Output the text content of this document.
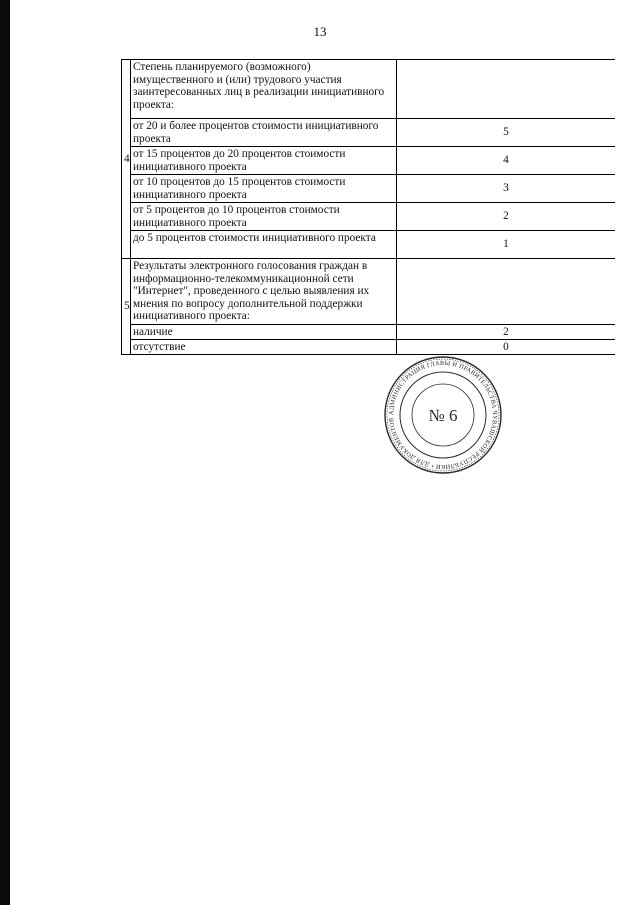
13
4	Степень планируемого (возможного) имущественного и (или) трудового участия заинтересованных лиц в реализации инициативного проекта:	
	от 20 и более процентов стоимости инициативного проекта	5
	от 15 процентов до 20 процентов стоимости инициативного проекта	4
	от 10 процентов до 15 процентов стоимости инициативного проекта	3
	от 5 процентов до 10 процентов стоимости инициативного проекта	2
	до 5 процентов стоимости инициативного проекта	1
5	Результаты электронного голосования граждан в информационно-телекоммуникационной сети "Интернет", проведенного с целью выявления их мнения по вопросу дополнительной поддержки инициативного проекта:	
	наличие	2
	отсутствие	0
АДМИНИСТРАЦИЯ ГЛАВЫ И ПРАВИТЕЛЬСТВА ЧУВАШСКОЙ РЕСПУБЛИКИ • ДЛЯ ДОКУМЕНТОВ	№ 6
